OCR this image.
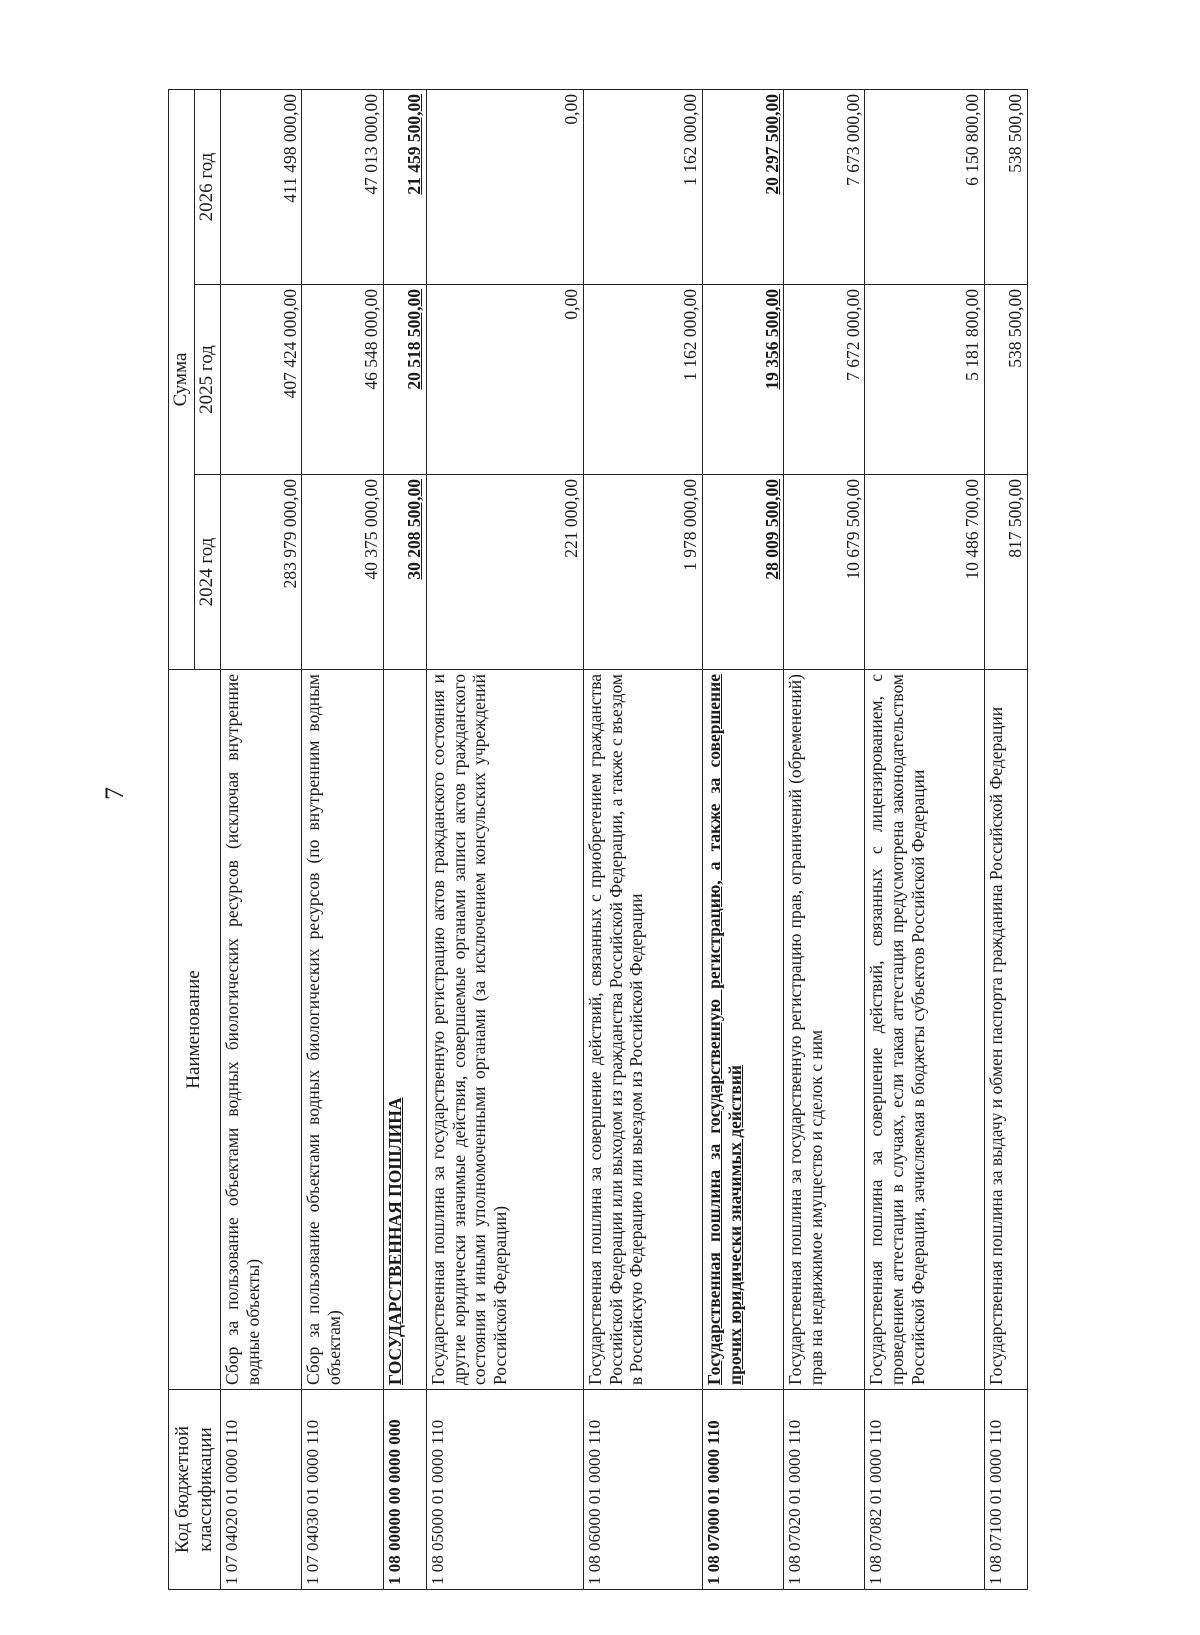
7
Код бюджетной классификации	Наименование	Сумма		
		2024 год	2025 год	2026 год
1 07 04020 01 0000 110	Сбор за пользование объектами водных биологических ресурсов (исключая внутренние водные объекты)	283 979 000,00	407 424 000,00	411 498 000,00
1 07 04030 01 0000 110	Сбор за пользование объектами водных биологических ресурсов (по внутренним водным объектам)	40 375 000,00	46 548 000,00	47 013 000,00
1 08 00000 00 0000 000	ГОСУДАРСТВЕННАЯ ПОШЛИНА	30 208 500,00	20 518 500,00	21 459 500,00
1 08 05000 01 0000 110	Государственная пошлина за государственную регистрацию актов гражданского состояния и другие юридически значимые действия, совершаемые органами записи актов гражданского состояния и иными уполномоченными органами (за исключением консульских учреждений Российской Федерации)	221 000,00	0,00	0,00
1 08 06000 01 0000 110	Государственная пошлина за совершение действий, связанных с приобретением гражданства Российской Федерации или выходом из гражданства Российской Федерации, а также с въездом в Российскую Федерацию или выездом из Российской Федерации	1 978 000,00	1 162 000,00	1 162 000,00
1 08 07000 01 0000 110	Государственная пошлина за государственную регистрацию, а также за совершение прочих юридически значимых действий	28 009 500,00	19 356 500,00	20 297 500,00
1 08 07020 01 0000 110	Государственная пошлина за государственную регистрацию прав, ограничений (обременений) прав на недвижимое имущество и сделок с ним	10 679 500,00	7 672 000,00	7 673 000,00
1 08 07082 01 0000 110	Государственная пошлина за совершение действий, связанных с лицензированием, с проведением аттестации в случаях, если такая аттестация предусмотрена законодательством Российской Федерации, зачисляемая в бюджеты субъектов Российской Федерации	10 486 700,00	5 181 800,00	6 150 800,00
1 08 07100 01 0000 110	Государственная пошлина за выдачу и обмен паспорта гражданина Российской Федерации	817 500,00	538 500,00	538 500,00
